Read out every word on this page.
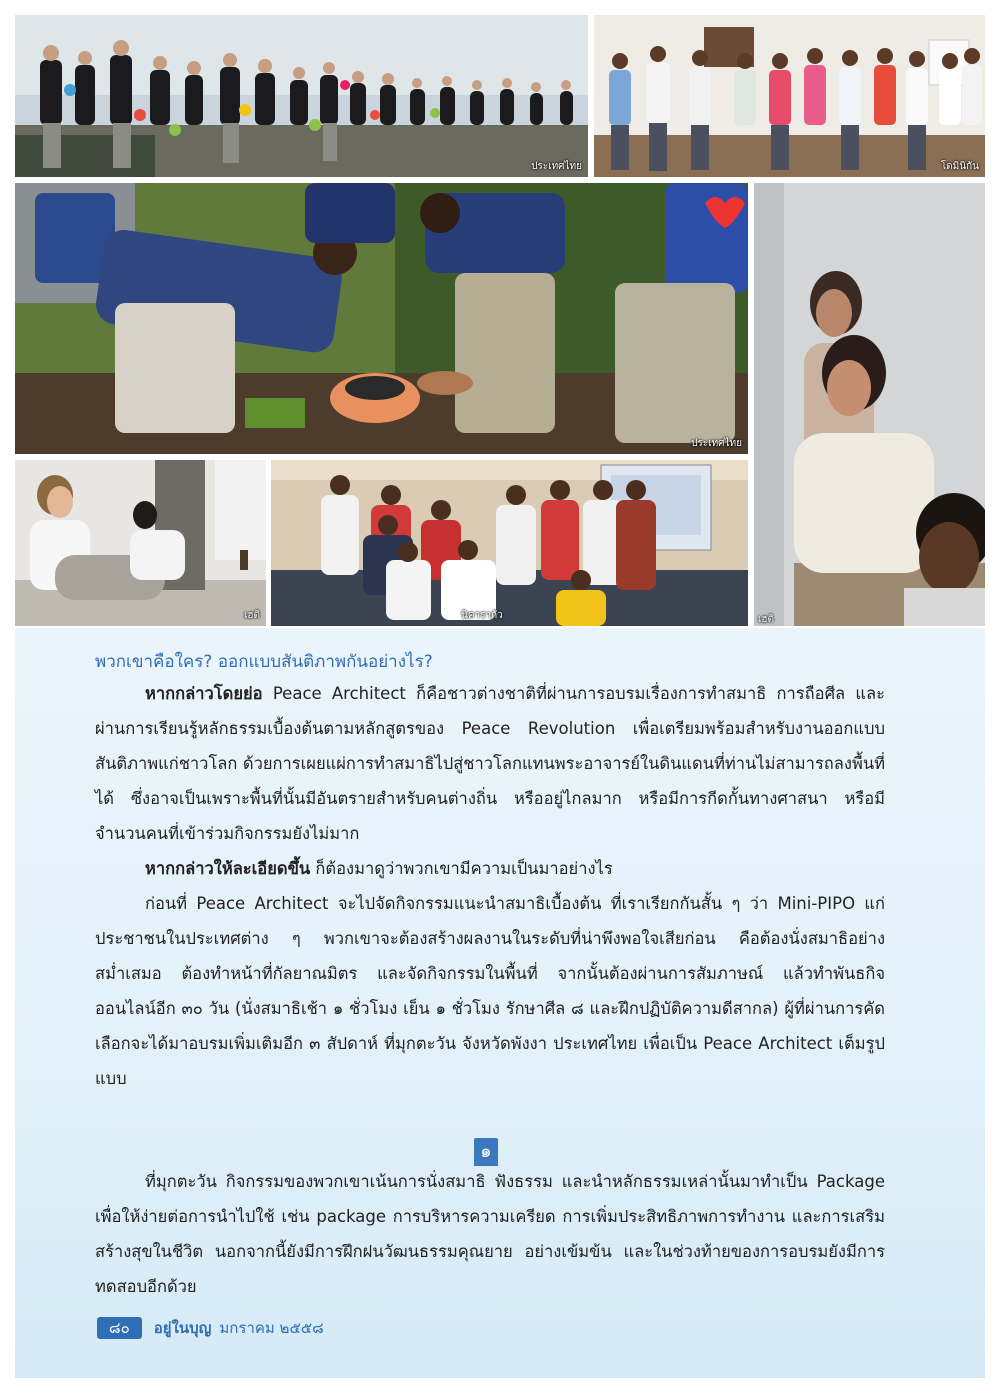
ประเทศไทย	โดมินิกัน
ประเทศไทย
เฮติ	นิคารากัว	เฮติ
พวกเขาคือใคร? ออกแบบสันติภาพกันอย่างไร?

หากกล่าวโดยย่อ Peace Architect ก็คือชาวต่างชาติที่ผ่านการอบรมเรื่องการทำสมาธิ การถือศีล และผ่านการเรียนรู้หลักธรรมเบื้องต้นตามหลักสูตรของ Peace Revolution เพื่อเตรียมพร้อมสำหรับงานออกแบบสันติภาพแก่ชาวโลก ด้วยการเผยแผ่การทำสมาธิไปสู่ชาวโลกแทนพระอาจารย์ในดินแดนที่ท่านไม่สามารถลงพื้นที่ได้ ซึ่งอาจเป็นเพราะพื้นที่นั้นมีอันตรายสำหรับคนต่างถิ่น หรืออยู่ไกลมาก หรือมีการกีดกั้นทางศาสนา หรือมีจำนวนคนที่เข้าร่วมกิจกรรมยังไม่มาก

หากกล่าวให้ละเอียดขึ้น ก็ต้องมาดูว่าพวกเขามีความเป็นมาอย่างไร

ก่อนที่ Peace Architect จะไปจัดกิจกรรมแนะนำสมาธิเบื้องต้น ที่เราเรียกกันสั้น ๆ ว่า Mini-PIPO แก่ประชาชนในประเทศต่าง ๆ พวกเขาจะต้องสร้างผลงานในระดับที่น่าพึงพอใจเสียก่อน คือต้องนั่งสมาธิอย่างสม่ำเสมอ ต้องทำหน้าที่กัลยาณมิตร และจัดกิจกรรมในพื้นที่ จากนั้นต้องผ่านการสัมภาษณ์ แล้วทำพันธกิจออนไลน์อีก ๓๐ วัน (นั่งสมาธิเช้า ๑ ชั่วโมง เย็น ๑ ชั่วโมง รักษาศีล ๘ และฝึกปฏิบัติความดีสากล) ผู้ที่ผ่านการคัดเลือกจะได้มาอบรมเพิ่มเติมอีก ๓ สัปดาห์ ที่มุกตะวัน จังหวัดพังงา ประเทศไทย เพื่อเป็น Peace Architect เต็มรูปแบบ

๑

ที่มุกตะวัน กิจกรรมของพวกเขาเน้นการนั่งสมาธิ ฟังธรรม และนำหลักธรรมเหล่านั้นมาทำเป็น Package เพื่อให้ง่ายต่อการนำไปใช้ เช่น package การบริหารความเครียด การเพิ่มประสิทธิภาพการทำงาน และการเสริมสร้างสุขในชีวิต นอกจากนี้ยังมีการฝึกฝนวัฒนธรรมคุณยาย อย่างเข้มข้น และในช่วงท้ายของการอบรมยังมีการทดสอบอีกด้วย

๘๐	อยู่ในบุญ มกราคม ๒๕๕๘
